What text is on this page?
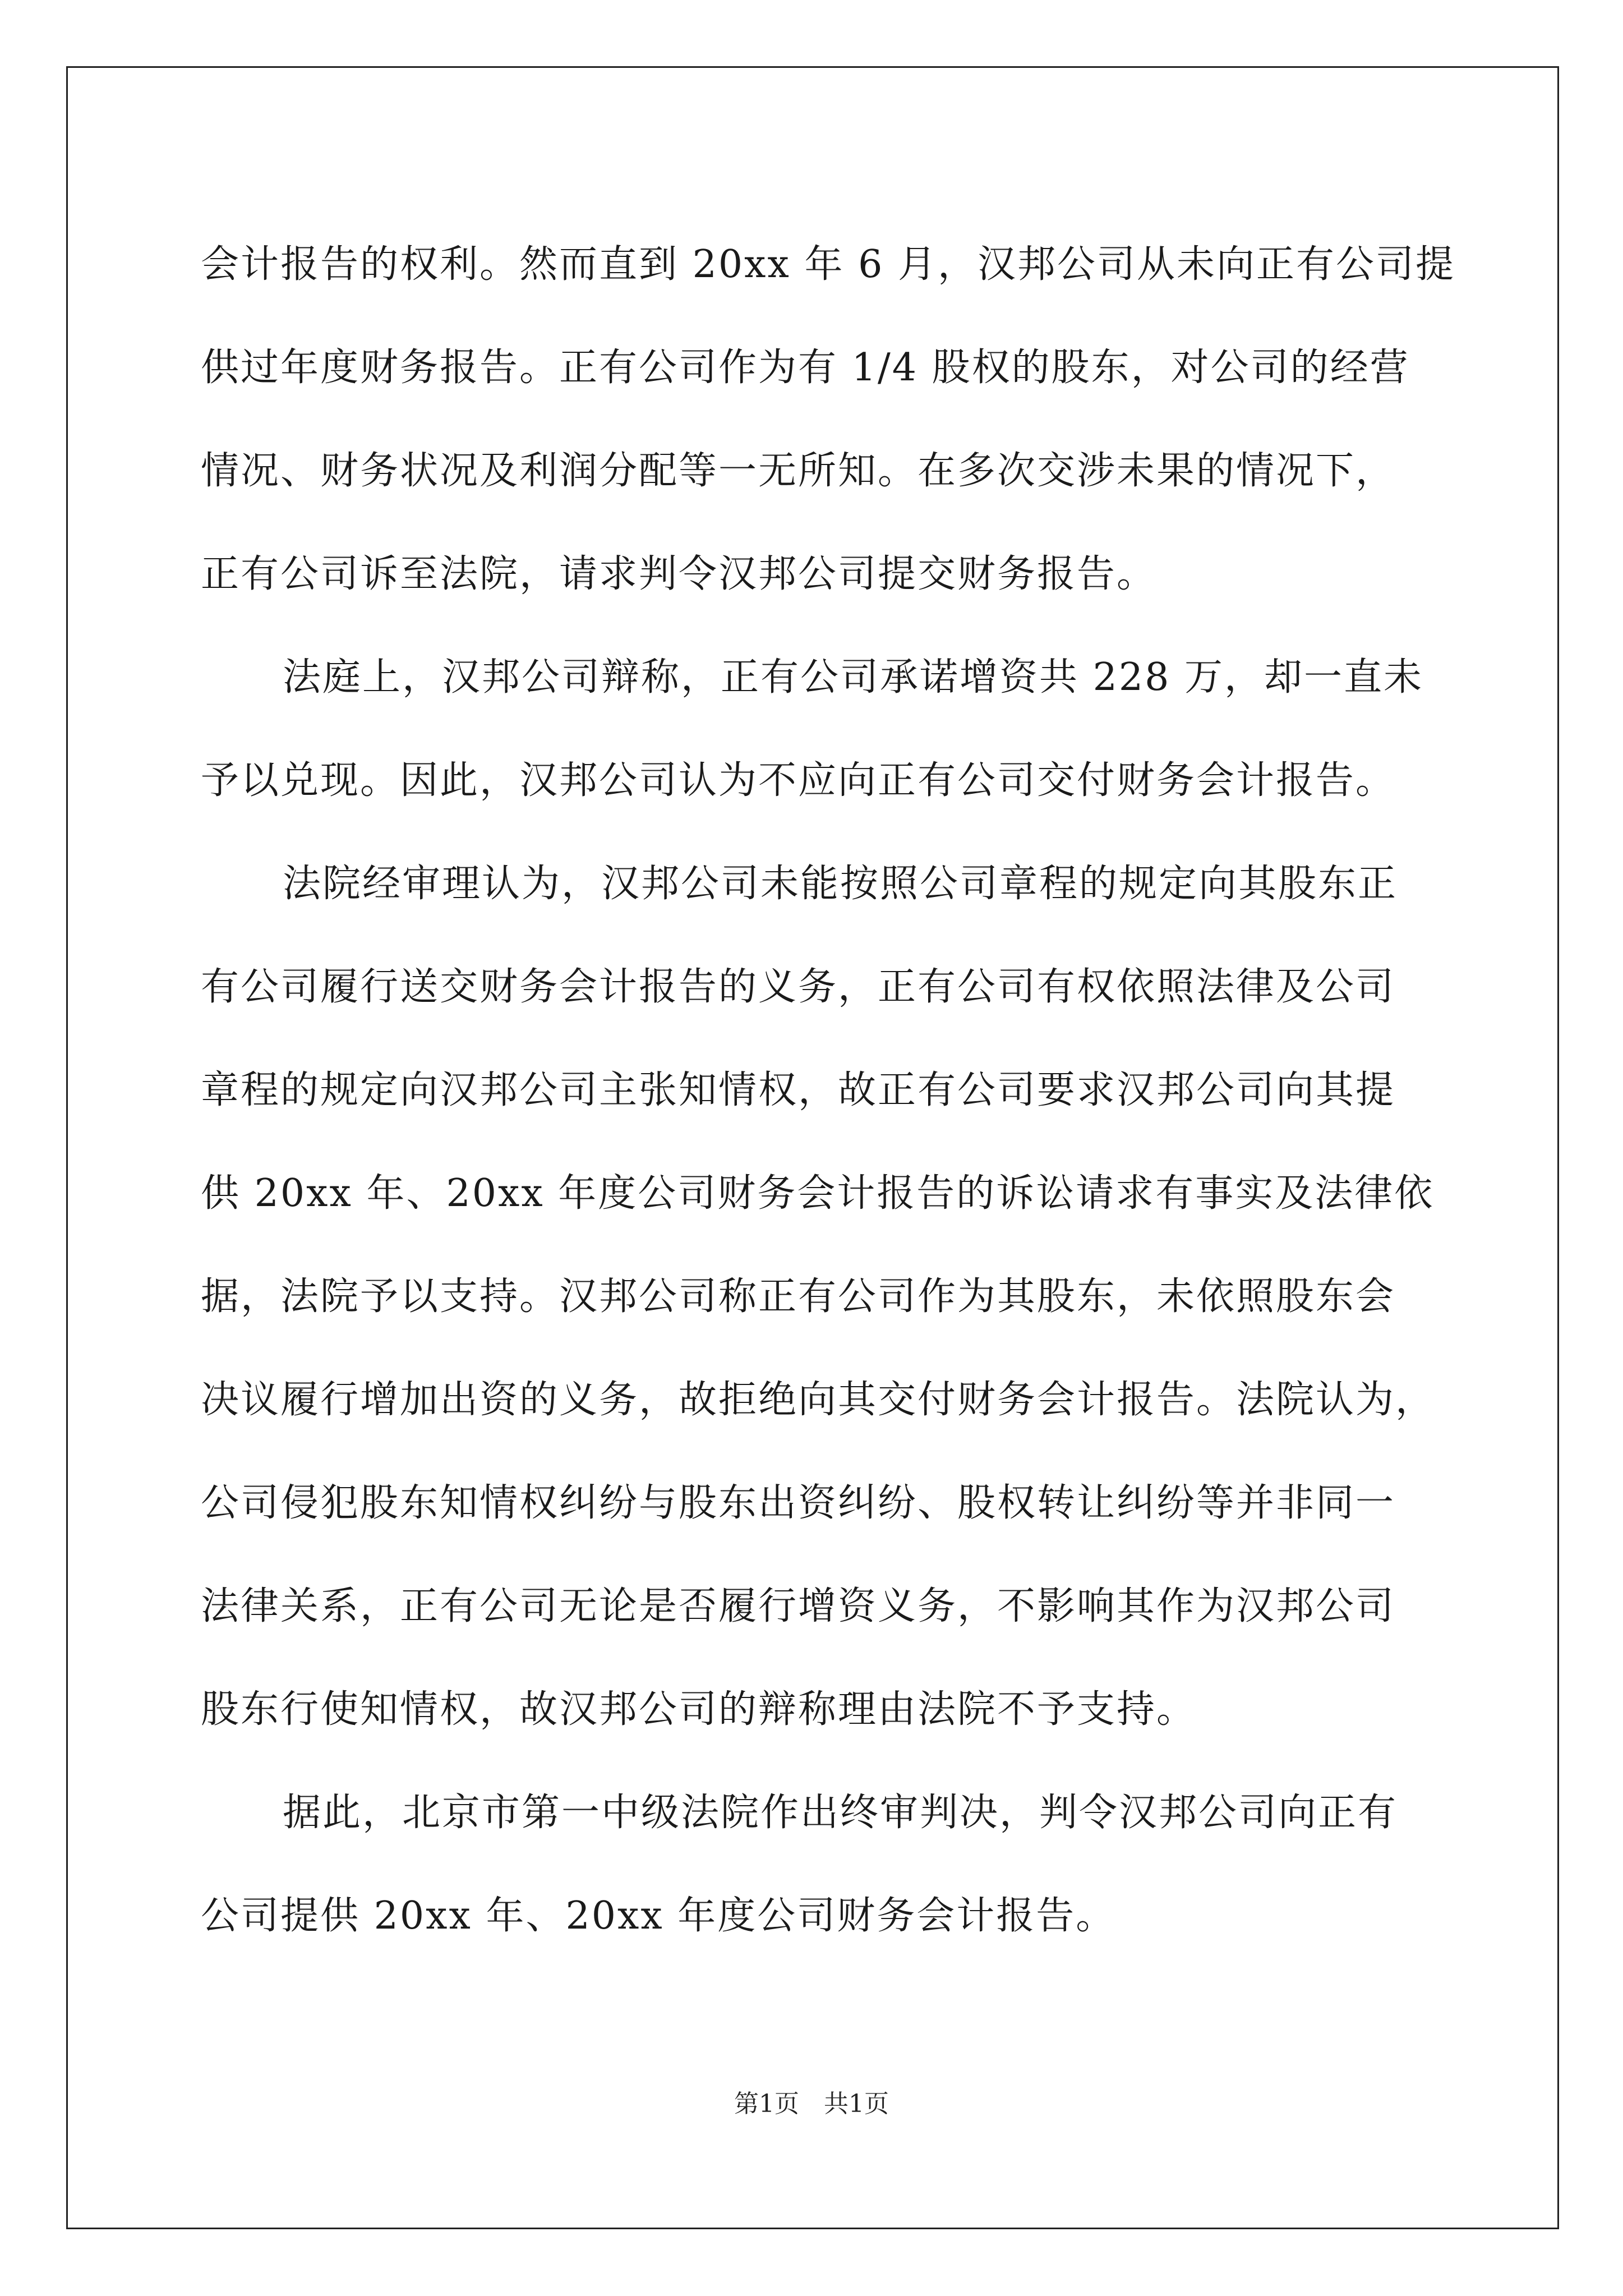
会计报告的权利。然而直到 20xx 年 6 月，汉邦公司从未向正有公司提
供过年度财务报告。正有公司作为有 1/4 股权的股东，对公司的经营
情况、财务状况及利润分配等一无所知。在多次交涉未果的情况下，
正有公司诉至法院，请求判令汉邦公司提交财务报告。
法庭上，汉邦公司辩称，正有公司承诺增资共 228 万，却一直未
予以兑现。因此，汉邦公司认为不应向正有公司交付财务会计报告。
法院经审理认为，汉邦公司未能按照公司章程的规定向其股东正
有公司履行送交财务会计报告的义务，正有公司有权依照法律及公司
章程的规定向汉邦公司主张知情权，故正有公司要求汉邦公司向其提
供 20xx 年、20xx 年度公司财务会计报告的诉讼请求有事实及法律依
据，法院予以支持。汉邦公司称正有公司作为其股东，未依照股东会
决议履行增加出资的义务，故拒绝向其交付财务会计报告。法院认为，
公司侵犯股东知情权纠纷与股东出资纠纷、股权转让纠纷等并非同一
法律关系，正有公司无论是否履行增资义务，不影响其作为汉邦公司
股东行使知情权，故汉邦公司的辩称理由法院不予支持。
据此，北京市第一中级法院作出终审判决，判令汉邦公司向正有
公司提供 20xx 年、20xx 年度公司财务会计报告。
第1页　共1页
